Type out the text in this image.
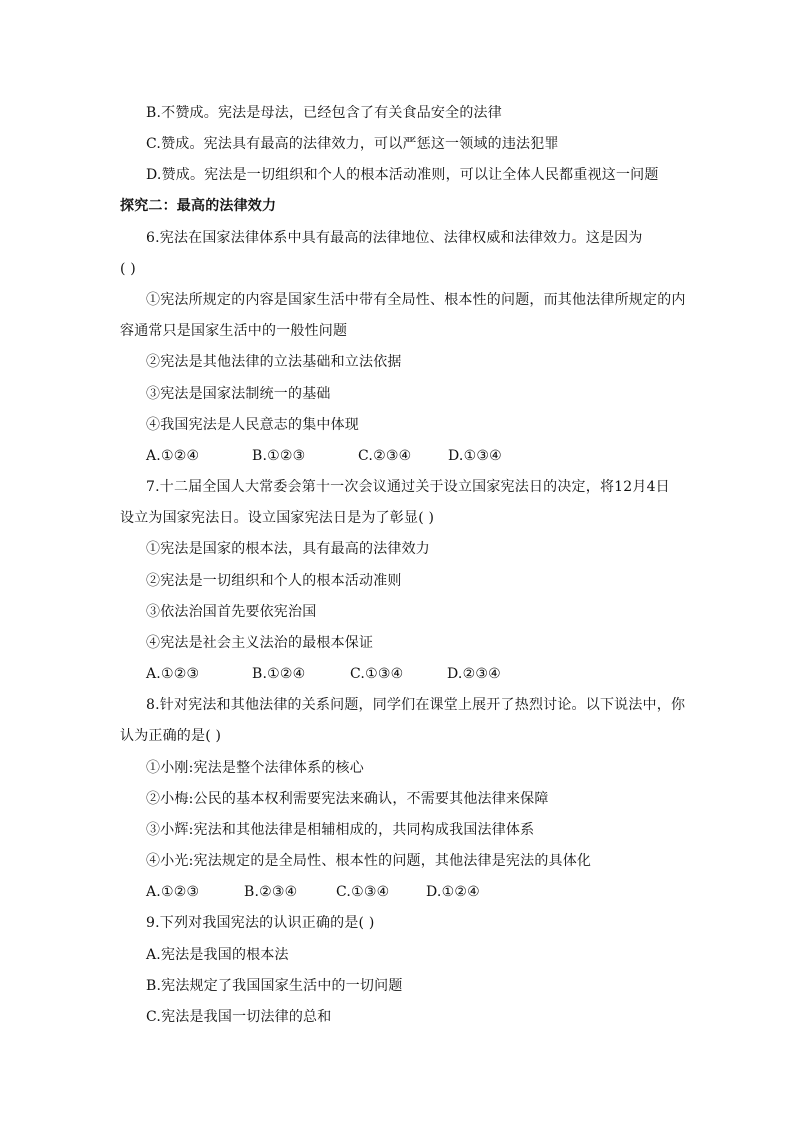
B.不赞成。宪法是母法，已经包含了有关食品安全的法律
C.赞成。宪法具有最高的法律效力，可以严惩这一领域的违法犯罪
D.赞成。宪法是一切组织和个人的根本活动准则，可以让全体人民都重视这一问题
探究二：最高的法律效力
6.宪法在国家法律体系中具有最高的法律地位、法律权威和法律效力。这是因为
( )
①宪法所规定的内容是国家生活中带有全局性、根本性的问题，而其他法律所规定的内
容通常只是国家生活中的一般性问题
②宪法是其他法律的立法基础和立法依据
③宪法是国家法制统一的基础
④我国宪法是人民意志的集中体现
A.①②④	B.①②③	C.②③④	D.①③④
7.十二届全国人大常委会第十一次会议通过关于设立国家宪法日的决定，将12月4日
设立为国家宪法日。设立国家宪法日是为了彰显( )
①宪法是国家的根本法，具有最高的法律效力
②宪法是一切组织和个人的根本活动准则
③依法治国首先要依宪治国
④宪法是社会主义法治的最根本保证
A.①②③	B.①②④	C.①③④	D.②③④
8.针对宪法和其他法律的关系问题，同学们在课堂上展开了热烈讨论。以下说法中，你
认为正确的是( )
①小刚:宪法是整个法律体系的核心
②小梅:公民的基本权利需要宪法来确认，不需要其他法律来保障
③小辉:宪法和其他法律是相辅相成的，共同构成我国法律体系
④小光:宪法规定的是全局性、根本性的问题，其他法律是宪法的具体化
A.①②③	B.②③④	C.①③④	D.①②④
9.下列对我国宪法的认识正确的是( )
A.宪法是我国的根本法
B.宪法规定了我国国家生活中的一切问题
C.宪法是我国一切法律的总和
